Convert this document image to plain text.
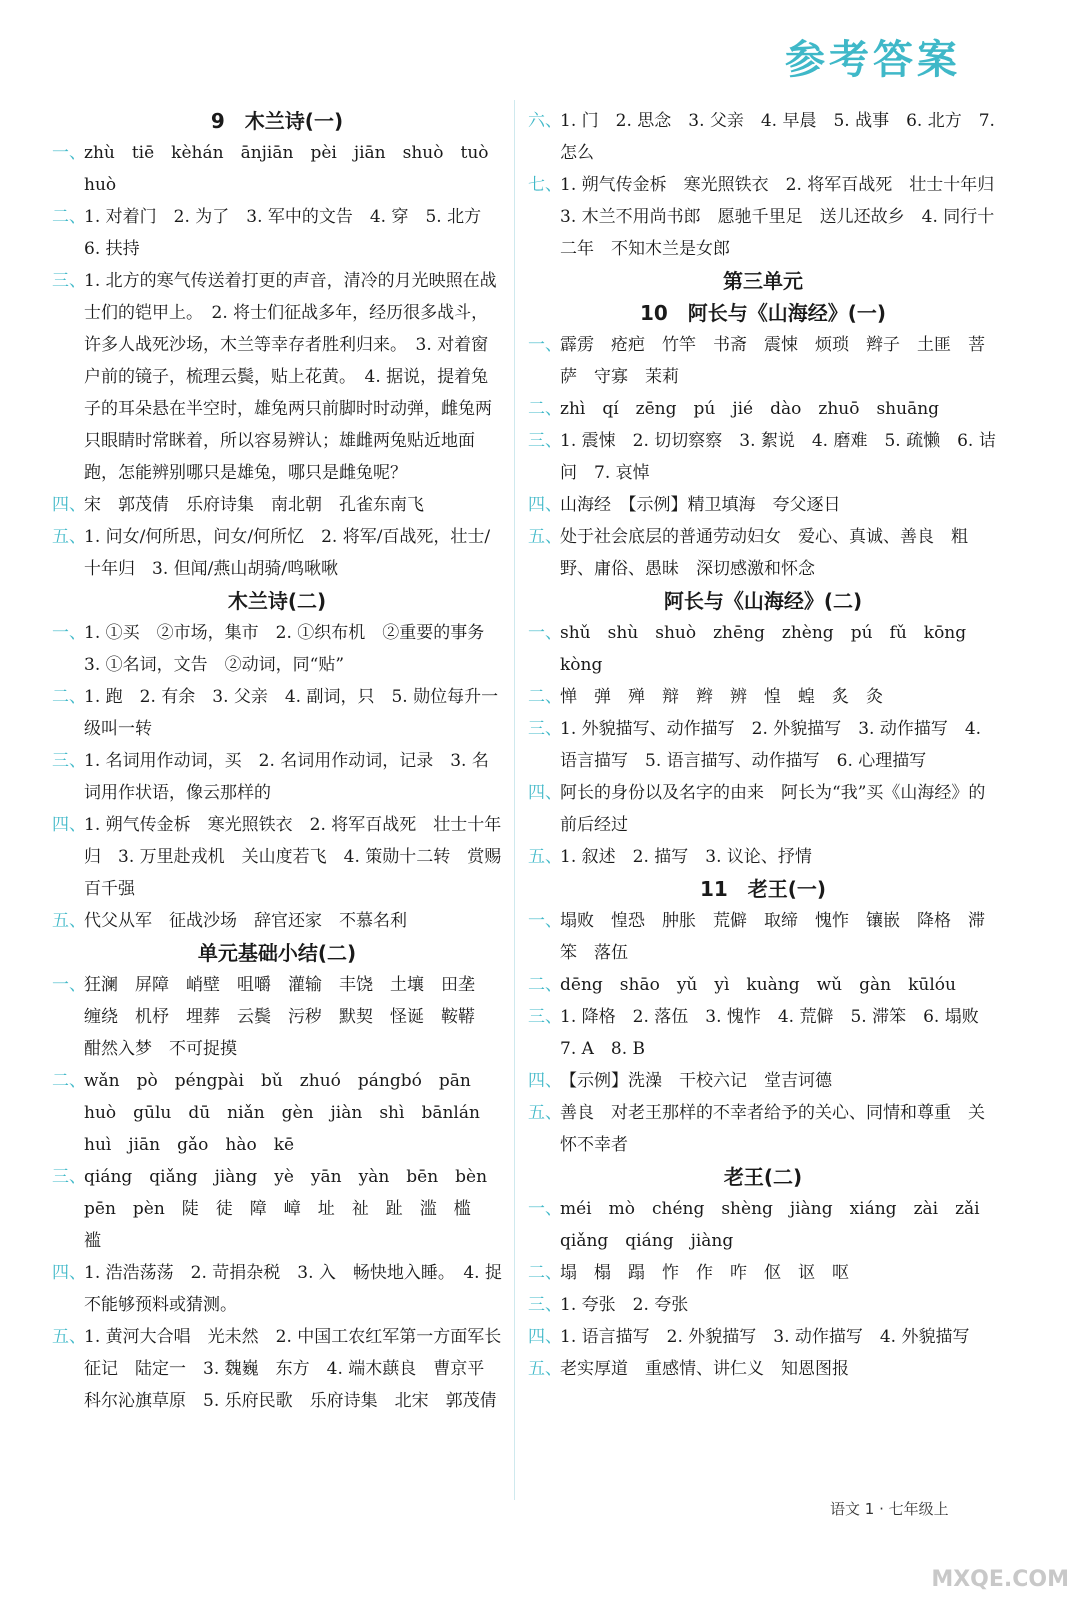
参考答案
9　木兰诗(一)
一、
zhù　tiē　kèhán　ānjiān　pèi　jiān　shuò　tuò　huò
二、
1. 对着门　2. 为了　3. 军中的文告　4. 穿　5. 北方　6. 扶持
三、
1. 北方的寒气传送着打更的声音，清冷的月光映照在战士们的铠甲上。　2. 将士们征战多年，经历很多战斗，许多人战死沙场，木兰等幸存者胜利归来。　3. 对着窗户前的镜子，梳理云鬓，贴上花黄。　4. 据说，提着兔子的耳朵悬在半空时，雄兔两只前脚时时动弹，雌兔两只眼睛时常眯着，所以容易辨认；雄雌两兔贴近地面跑，怎能辨别哪只是雄兔，哪只是雌兔呢？
四、
宋　郭茂倩　乐府诗集　南北朝　孔雀东南飞
五、
1. 问女/何所思，问女/何所忆　2. 将军/百战死，壮士/十年归　3. 但闻/燕山胡骑/鸣啾啾
木兰诗(二)
一、
1. ①买　②市场，集市　2. ①织布机　②重要的事务　3. ①名词，文告　②动词，同“贴”
二、
1. 跑　2. 有余　3. 父亲　4. 副词，只　5. 勋位每升一级叫一转
三、
1. 名词用作动词，买　2. 名词用作动词，记录　3. 名词用作状语，像云那样的
四、
1. 朔气传金柝　寒光照铁衣　2. 将军百战死　壮士十年归　3. 万里赴戎机　关山度若飞　4. 策勋十二转　赏赐百千强
五、
代父从军　征战沙场　辞官还家　不慕名利
单元基础小结(二)
一、
狂澜　屏障　峭壁　咀嚼　灌输　丰饶　土壤　田垄　缠绕　机杼　埋葬　云鬓　污秽　默契　怪诞　鞍鞯　酣然入梦　不可捉摸
二、
wǎn　pò　péngpài　bǔ　zhuó　pángbó　pān　huò　gūlu　dū　niǎn　gèn　jiàn　shì　bānlán　huì　jiān　gǎo　hào　kē
三、
qiáng　qiǎng　jiàng　yè　yān　yàn　bēn　bèn　pēn　pèn　陡　徒　障　嶂　址　祉　趾　滥　槛　褴
四、
1. 浩浩荡荡　2. 苛捐杂税　3. 入　畅快地入睡。　4. 捉　不能够预料或猜测。
五、
1. 黄河大合唱　光未然　2. 中国工农红军第一方面军长征记　陆定一　3. 魏巍　东方　4. 端木蕻良　曹京平　科尔沁旗草原　5. 乐府民歌　乐府诗集　北宋　郭茂倩
六、
1. 门　2. 思念　3. 父亲　4. 早晨　5. 战事　6. 北方　7. 怎么
七、
1. 朔气传金柝　寒光照铁衣　2. 将军百战死　壮士十年归　3. 木兰不用尚书郎　愿驰千里足　送儿还故乡　4. 同行十二年　不知木兰是女郎
第三单元
10　阿长与《山海经》(一)
一、
霹雳　疮疤　竹竿　书斋　震悚　烦琐　辫子　土匪　菩萨　守寡　茉莉
二、
zhì　qí　zēng　pú　jié　dào　zhuō　shuāng
三、
1. 震悚　2. 切切察察　3. 絮说　4. 磨难　5. 疏懒　6. 诘问　7. 哀悼
四、
山海经　【示例】精卫填海　夸父逐日
五、
处于社会底层的普通劳动妇女　爱心、真诚、善良　粗野、庸俗、愚昧　深切感激和怀念
阿长与《山海经》(二)
一、
shǔ　shù　shuò　zhēng　zhèng　pú　fǔ　kōng　kòng
二、
惮　弹　殚　辩　辫　辨　惶　蝗　炙　灸
三、
1. 外貌描写、动作描写　2. 外貌描写　3. 动作描写　4. 语言描写　5. 语言描写、动作描写　6. 心理描写
四、
阿长的身份以及名字的由来　阿长为“我”买《山海经》的前后经过
五、
1. 叙述　2. 描写　3. 议论、抒情
11　老王(一)
一、
塌败　惶恐　肿胀　荒僻　取缔　愧怍　镶嵌　降格　滞笨　落伍
二、
dēng　shāo　yǔ　yì　kuàng　wǔ　gàn　kūlóu
三、
1. 降格　2. 落伍　3. 愧怍　4. 荒僻　5. 滞笨　6. 塌败　7. A　8. B
四、
【示例】洗澡　干校六记　堂吉诃德
五、
善良　对老王那样的不幸者给予的关心、同情和尊重　关怀不幸者
老王(二)
一、
méi　mò　chéng　shèng　jiàng　xiáng　zài　zǎi　qiǎng　qiáng　jiàng
二、
塌　榻　蹋　怍　作　咋　伛　讴　呕
三、
1. 夸张　2. 夸张
四、
1. 语言描写　2. 外貌描写　3. 动作描写　4. 外貌描写
五、
老实厚道　重感情、讲仁义　知恩图报
语文 1 · 七年级上
MXQE.COM
